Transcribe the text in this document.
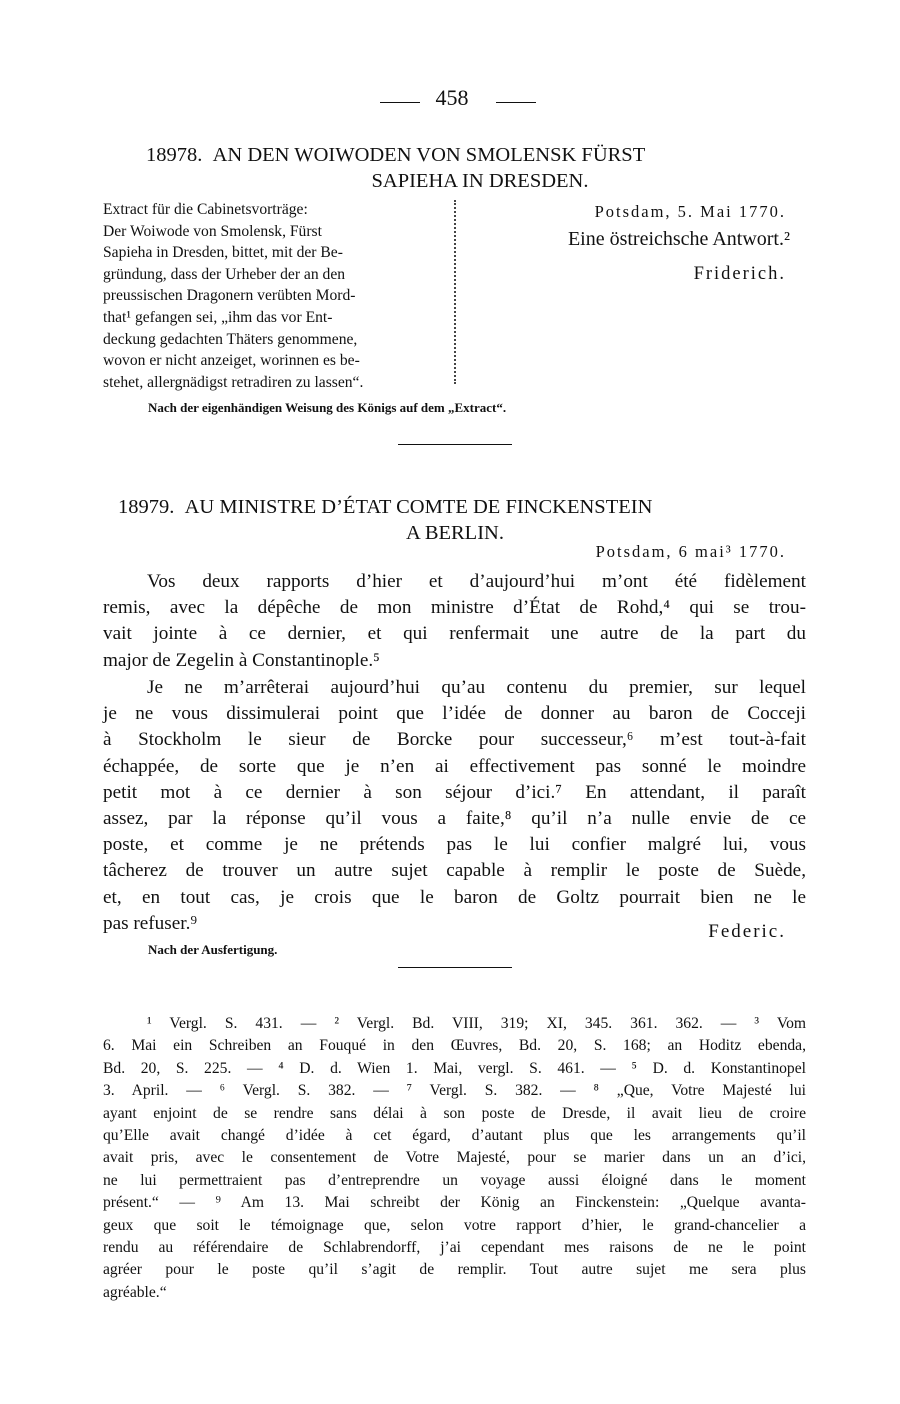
458
18978. AN DEN WOIWODEN VON SMOLENSK FÜRST
SAPIEHA IN DRESDEN.
Extract für die Cabinetsvorträge:
Der Woiwode von Smolensk, Fürst
Sapieha in Dresden, bittet, mit der Be-
gründung, dass der Urheber der an den
preussischen Dragonern verübten Mord-
that¹ gefangen sei, „ihm das vor Ent-
deckung gedachten Thäters genommene,
wovon er nicht anzeiget, worinnen es be-
stehet, allergnädigst retradiren zu lassen“.
Potsdam, 5. Mai 1770.
Eine östreichsche Antwort.²
Friderich.
Nach der eigenhändigen Weisung des Königs auf dem „Extract“.
18979. AU MINISTRE D’ÉTAT COMTE DE FINCKENSTEIN
A BERLIN.
Potsdam, 6 mai³ 1770.
Vos deux rapports d’hier et d’aujourd’hui m’ont été fidèlement
remis, avec la dépêche de mon ministre d’État de Rohd,⁴ qui se trou-
vait jointe à ce dernier, et qui renfermait une autre de la part du
major de Zegelin à Constantinople.⁵
Je ne m’arrêterai aujourd’hui qu’au contenu du premier, sur lequel
je ne vous dissimulerai point que l’idée de donner au baron de Cocceji
à Stockholm le sieur de Borcke pour successeur,⁶ m’est tout-à-fait
échappée, de sorte que je n’en ai effectivement pas sonné le moindre
petit mot à ce dernier à son séjour d’ici.⁷ En attendant, il paraît
assez, par la réponse qu’il vous a faite,⁸ qu’il n’a nulle envie de ce
poste, et comme je ne prétends pas le lui confier malgré lui, vous
tâcherez de trouver un autre sujet capable à remplir le poste de Suède,
et, en tout cas, je crois que le baron de Goltz pourrait bien ne le
pas refuser.⁹	Federic.
Nach der Ausfertigung.
¹ Vergl. S. 431. — ² Vergl. Bd. VIII, 319; XI, 345. 361. 362. — ³ Vom
6. Mai ein Schreiben an Fouqué in den Œuvres, Bd. 20, S. 168; an Hoditz ebenda,
Bd. 20, S. 225. — ⁴ D. d. Wien 1. Mai, vergl. S. 461. — ⁵ D. d. Konstantinopel
3. April. — ⁶ Vergl. S. 382. — ⁷ Vergl. S. 382. — ⁸ „Que, Votre Majesté lui
ayant enjoint de se rendre sans délai à son poste de Dresde, il avait lieu de croire
qu’Elle avait changé d’idée à cet égard, d’autant plus que les arrangements qu’il
avait pris, avec le consentement de Votre Majesté, pour se marier dans un an d’ici,
ne lui permettraient pas d’entreprendre un voyage aussi éloigné dans le moment
présent.“ — ⁹ Am 13. Mai schreibt der König an Finckenstein: „Quelque avanta-
geux que soit le témoignage que, selon votre rapport d’hier, le grand-chancelier a
rendu au référendaire de Schlabrendorff, j’ai cependant mes raisons de ne le point
agréer pour le poste qu’il s’agit de remplir. Tout autre sujet me sera plus
agréable.“
